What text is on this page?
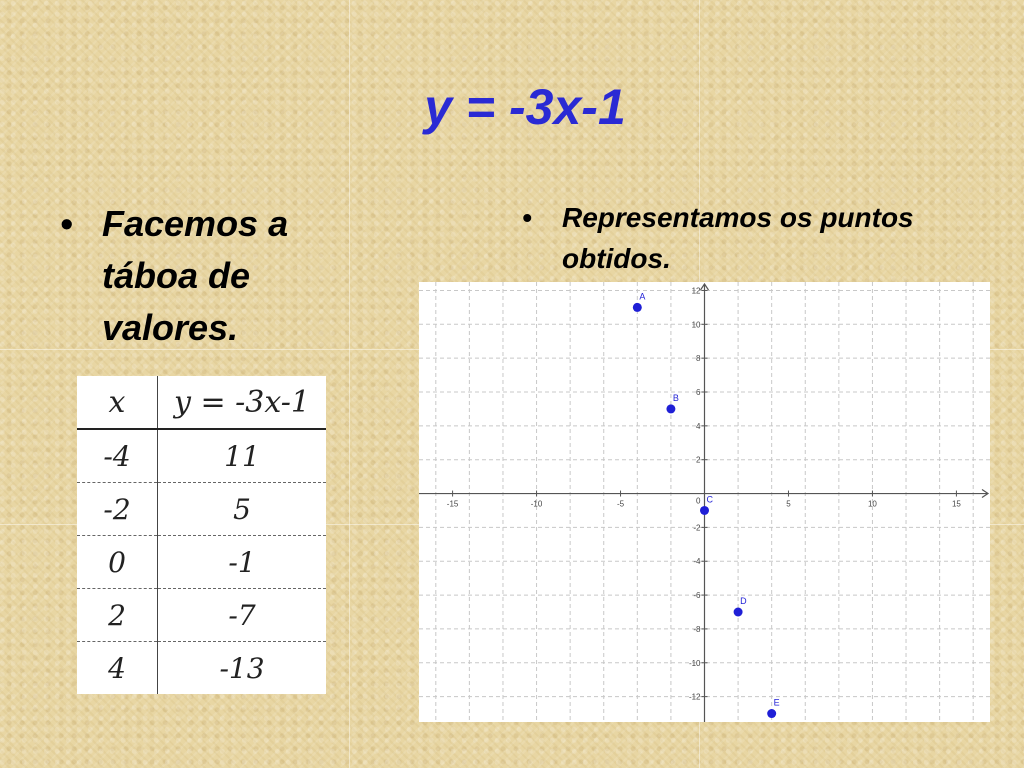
y = -3x-1
• Facemos a táboa de valores.
•	Representamos os puntos obtidos.
x	y = -3x-1
-4	11
-2	5
0	-1
2	-7
4	-13
-15	-10	-5	5	10	15
12
10
8
6
4
2
-2
-4
-6
-8
-10
-12
0
A
B
C
D
E
